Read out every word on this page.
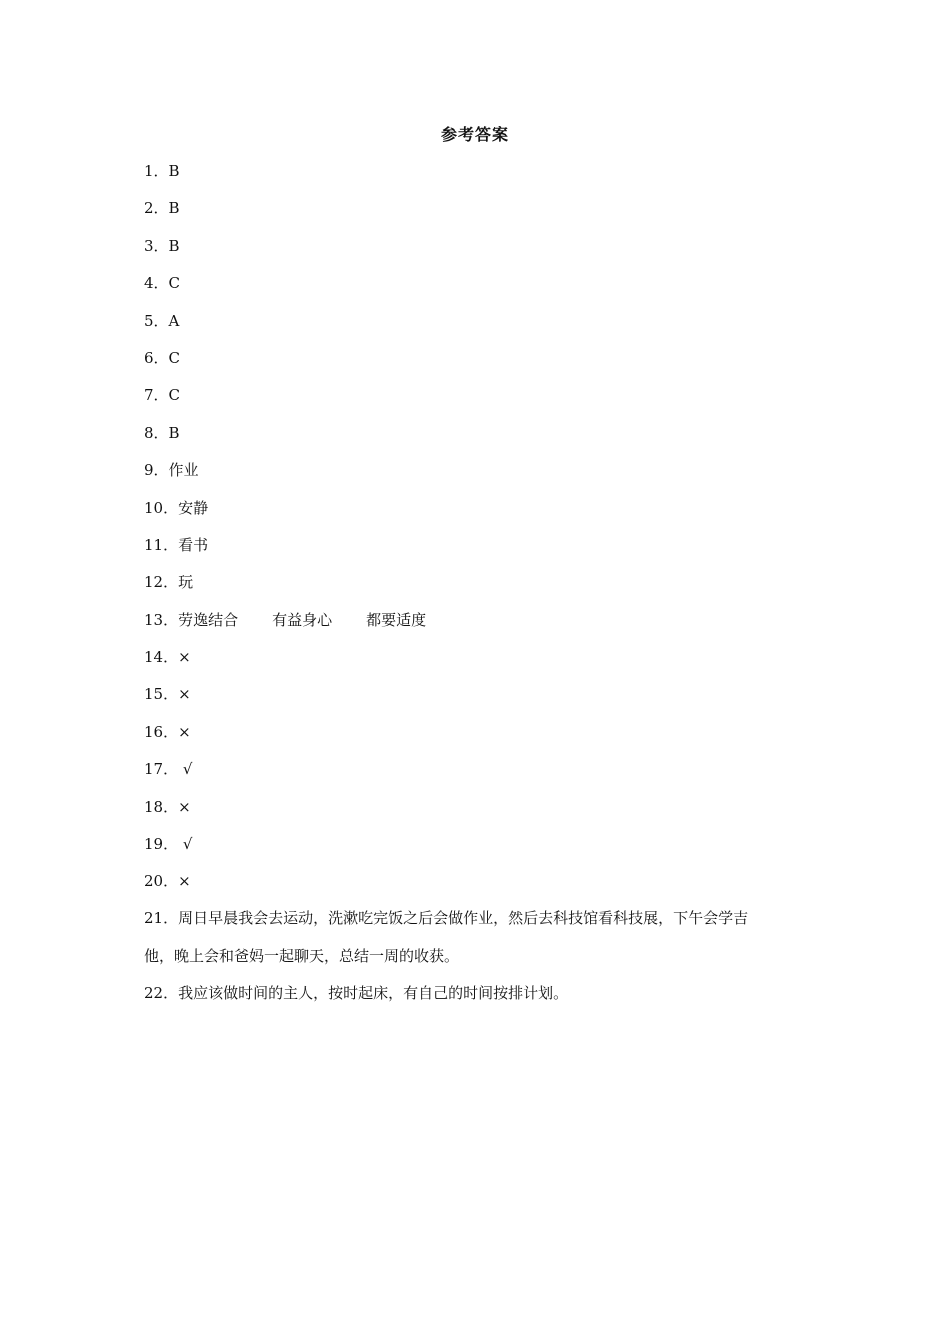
参考答案
1．B
2．B
3．B
4．C
5．A
6．C
7．C
8．B
9．作业
10．安静
11．看书
12．玩
13．劳逸结合 有益身心 都要适度
14．×
15．×
16．×
17． √
18．×
19． √
20．×
21．周日早晨我会去运动，洗漱吃完饭之后会做作业，然后去科技馆看科技展，下午会学吉
他，晚上会和爸妈一起聊天，总结一周的收获。
22．我应该做时间的主人，按时起床，有自己的时间按排计划。
